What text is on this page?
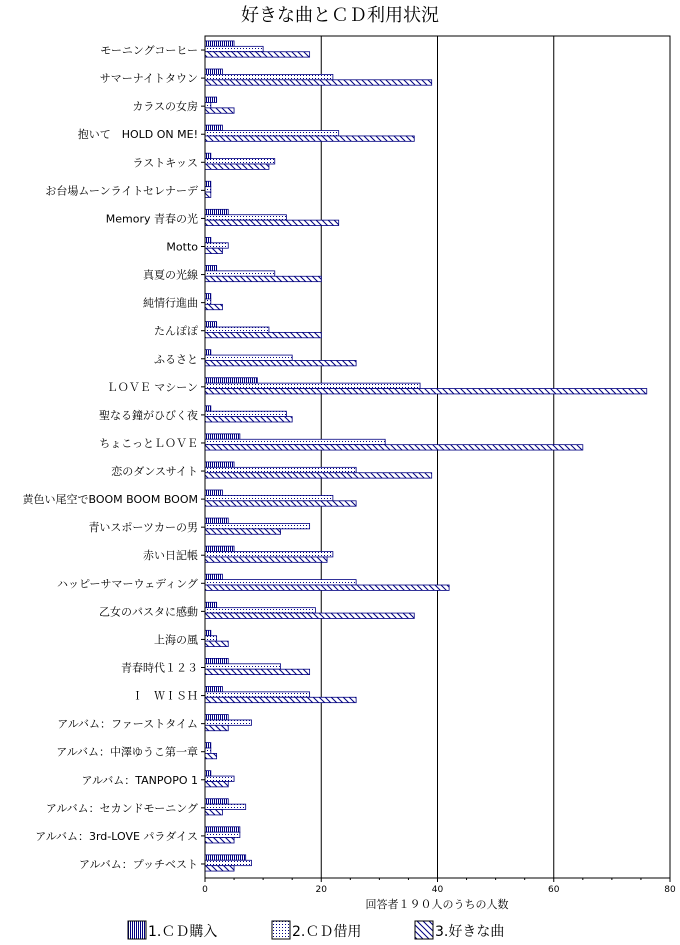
好きな曲とＣＤ利用状況
モーニングコーヒー
サマーナイトタウン
カラスの女房
抱いて　HOLD ON ME!
ラストキッス
お台場ムーンライトセレナーデ
Memory 青春の光
Motto
真夏の光線
純情行進曲
たんぽぽ
ふるさと
ＬＯＶＥ マシーン
聖なる鐘がひびく夜
ちょこっとＬＯＶＥ
恋のダンスサイト
黄色い尾空でBOOM BOOM BOOM
青いスポーツカーの男
赤い日記帳
ハッピーサマーウェディング
乙女のパスタに感動
上海の風
青春時代１２３
Ｉ　ＷＩＳＨ
アルバム：ファーストタイム
アルバム：中澤ゆうこ第一章
アルバム：TANPOPO 1
アルバム：セカンドモーニング
アルバム：3rd-LOVE パラダイス
アルバム：プッチベスト
0	20	40	60	80
回答者１９０人のうちの人数
1.ＣＤ購入	2.ＣＤ借用	3.好きな曲
